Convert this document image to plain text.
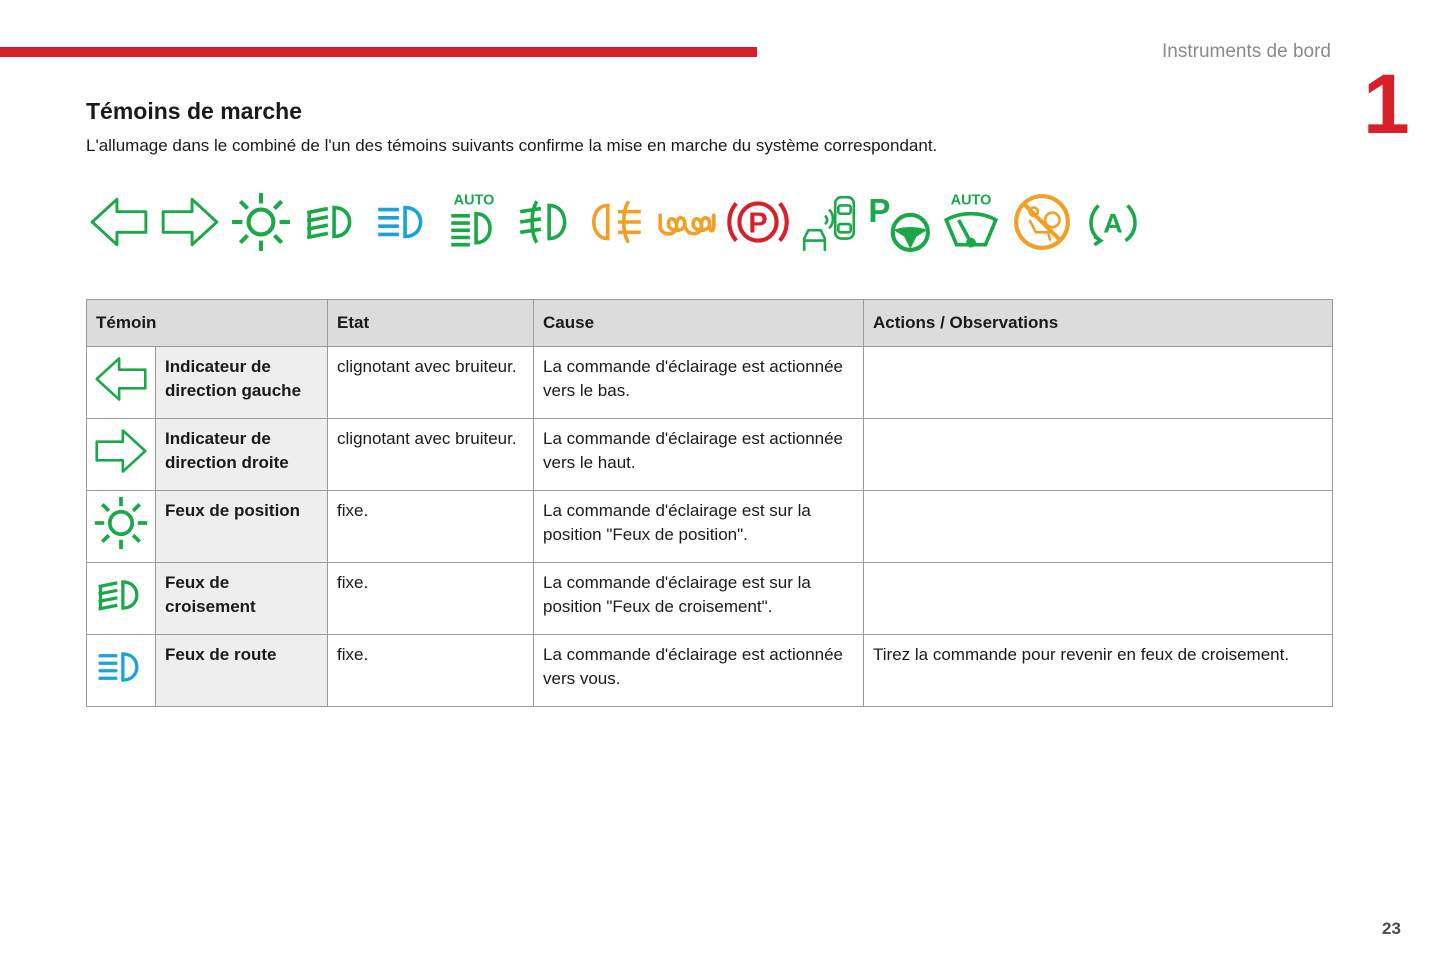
Instruments de bord
1
Témoins de marche

L'allumage dans le combiné de l'un des témoins suivants confirme la mise en marche du système correspondant.

AUTO
P	P	AUTO
A
Témoin		Etat	Cause	Actions / Observations
	Indicateur de direction gauche	clignotant avec bruiteur.	La commande d'éclairage est actionnée vers le bas.	
	Indicateur de direction droite	clignotant avec bruiteur.	La commande d'éclairage est actionnée vers le haut.	
	Feux de position	fixe.	La commande d'éclairage est sur la position "Feux de position".	
	Feux de croisement	fixe.	La commande d'éclairage est sur la position "Feux de croisement".	
	Feux de route	fixe.	La commande d'éclairage est actionnée vers vous.	Tirez la commande pour revenir en feux de croisement.
23
